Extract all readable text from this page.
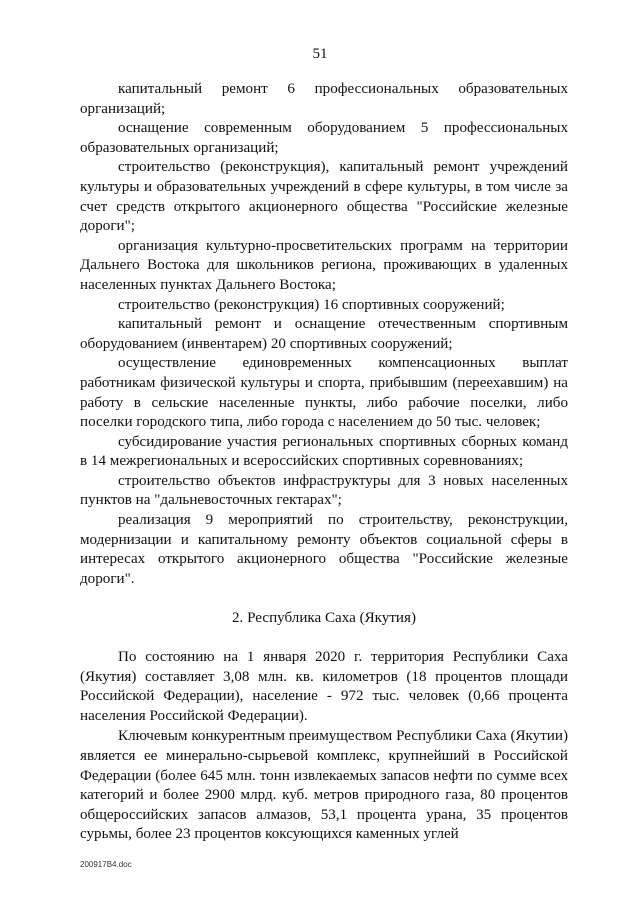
51

капитальный ремонт 6 профессиональных образовательных организаций;

оснащение современным оборудованием 5 профессиональных образовательных организаций;

строительство (реконструкция), капитальный ремонт учреждений культуры и образовательных учреждений в сфере культуры, в том числе за счет средств открытого акционерного общества "Российские железные дороги";

организация культурно-просветительских программ на территории Дальнего Востока для школьников региона, проживающих в удаленных населенных пунктах Дальнего Востока;

строительство (реконструкция) 16 спортивных сооружений;

капитальный ремонт и оснащение отечественным спортивным оборудованием (инвентарем) 20 спортивных сооружений;

осуществление единовременных компенсационных выплат работникам физической культуры и спорта, прибывшим (переехавшим) на работу в сельские населенные пункты, либо рабочие поселки, либо поселки городского типа, либо города с населением до 50 тыс. человек;

субсидирование участия региональных спортивных сборных команд в 14 межрегиональных и всероссийских спортивных соревнованиях;

строительство объектов инфраструктуры для 3 новых населенных пунктов на "дальневосточных гектарах";

реализация 9 мероприятий по строительству, реконструкции, модернизации и капитальному ремонту объектов социальной сферы в интересах открытого акционерного общества "Российские железные дороги".

2. Республика Саха (Якутия)

По состоянию на 1 января 2020 г. территория Республики Саха (Якутия) составляет 3,08 млн. кв. километров (18 процентов площади Российской Федерации), население - 972 тыс. человек (0,66 процента населения Российской Федерации).

Ключевым конкурентным преимуществом Республики Саха (Якутии) является ее минерально-сырьевой комплекс, крупнейший в Российской Федерации (более 645 млн. тонн извлекаемых запасов нефти по сумме всех категорий и более 2900 млрд. куб. метров природного газа, 80 процентов общероссийских запасов алмазов, 53,1 процента урана, 35 процентов сурьмы, более 23 процентов коксующихся каменных углей

200917В4.doc
